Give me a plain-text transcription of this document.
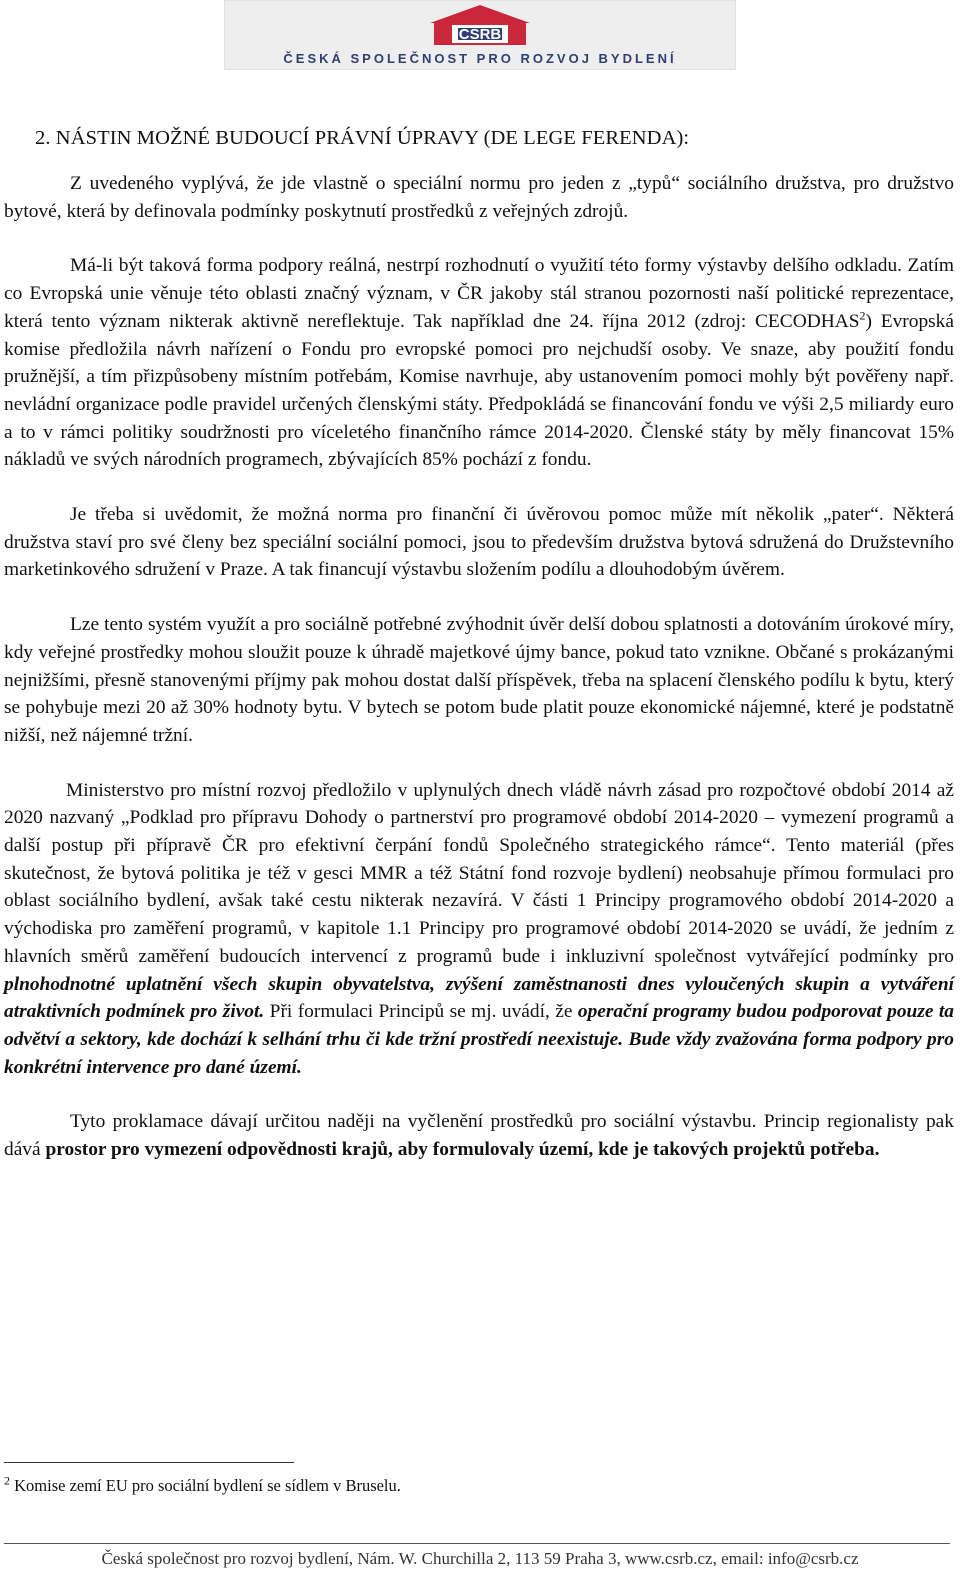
ČSRB
ČESKÁ SPOLEČNOST PRO ROZVOJ BYDLENÍ
2. NÁSTIN MOŽNÉ BUDOUCÍ PRÁVNÍ ÚPRAVY (DE LEGE FERENDA):

Z uvedeného vyplývá, že jde vlastně o speciální normu pro jeden z „typů“ sociálního družstva, pro družstvo bytové, která by definovala podmínky poskytnutí prostředků z veřejných zdrojů.

Má-li být taková forma podpory reálná, nestrpí rozhodnutí o využití této formy výstavby delšího odkladu. Zatím co Evropská unie věnuje této oblasti značný význam, v ČR jakoby stál stranou pozornosti naší politické reprezentace, která tento význam nikterak aktivně nereflektuje. Tak například dne 24. října 2012 (zdroj: CECODHAS$^2$) Evropská komise předložila návrh nařízení o Fondu pro evropské pomoci pro nejchudší osoby. Ve snaze, aby použití fondu pružnější, a tím přizpůsobeny místním potřebám, Komise navrhuje, aby ustanovením pomoci mohly být pověřeny např. nevládní organizace podle pravidel určených členskými státy. Předpokládá se financování fondu ve výši 2,5 miliardy euro a to v rámci politiky soudržnosti pro víceletého finančního rámce 2014-2020. Členské státy by měly financovat 15% nákladů ve svých národních programech, zbývajících 85% pochází z fondu.

Je třeba si uvědomit, že možná norma pro finanční či úvěrovou pomoc může mít několik „pater“. Některá družstva staví pro své členy bez speciální sociální pomoci, jsou to především družstva bytová sdružená do Družstevního marketinkového sdružení v Praze. A tak financují výstavbu složením podílu a dlouhodobým úvěrem.

Lze tento systém využít a pro sociálně potřebné zvýhodnit úvěr delší dobou splatnosti a dotováním úrokové míry, kdy veřejné prostředky mohou sloužit pouze k úhradě majetkové újmy bance, pokud tato vznikne. Občané s prokázanými nejnižšími, přesně stanovenými příjmy pak mohou dostat další příspěvek, třeba na splacení členského podílu k bytu, který se pohybuje mezi 20 až 30% hodnoty bytu. V bytech se potom bude platit pouze ekonomické nájemné, které je podstatně nižší, než nájemné tržní.

Ministerstvo pro místní rozvoj předložilo v uplynulých dnech vládě návrh zásad pro rozpočtové období 2014 až 2020 nazvaný „Podklad pro přípravu Dohody o partnerství pro programové období 2014-2020 – vymezení programů a další postup při přípravě ČR pro efektivní čerpání fondů Společného strategického rámce“. Tento materiál (přes skutečnost, že bytová politika je též v gesci MMR a též Státní fond rozvoje bydlení) neobsahuje přímou formulaci pro oblast sociálního bydlení, avšak také cestu nikterak nezavírá. V části 1 Principy programového období 2014-2020 a východiska pro zaměření programů, v kapitole 1.1 Principy pro programové období 2014-2020 se uvádí, že jedním z hlavních směrů zaměření budoucích intervencí z programů bude i inkluzivní společnost vytvářející podmínky pro plnohodnotné uplatnění všech skupin obyvatelstva, zvýšení zaměstnanosti dnes vyloučených skupin a vytváření atraktivních podmínek pro život. Při formulaci Principů se mj. uvádí, že operační programy budou podporovat pouze ta odvětví a sektory, kde dochází k selhání trhu či kde tržní prostředí neexistuje. Bude vždy zvažována forma podpory pro konkrétní intervence pro dané území.

Tyto proklamace dávají určitou naději na vyčlenění prostředků pro sociální výstavbu. Princip regionalisty pak dává prostor pro vymezení odpovědnosti krajů, aby formulovaly území, kde je takových projektů potřeba.

$^2$ Komise zemí EU pro sociální bydlení se sídlem v Bruselu.
Česká společnost pro rozvoj bydlení, Nám. W. Churchilla 2, 113 59 Praha 3, www.csrb.cz, email: info@csrb.cz
